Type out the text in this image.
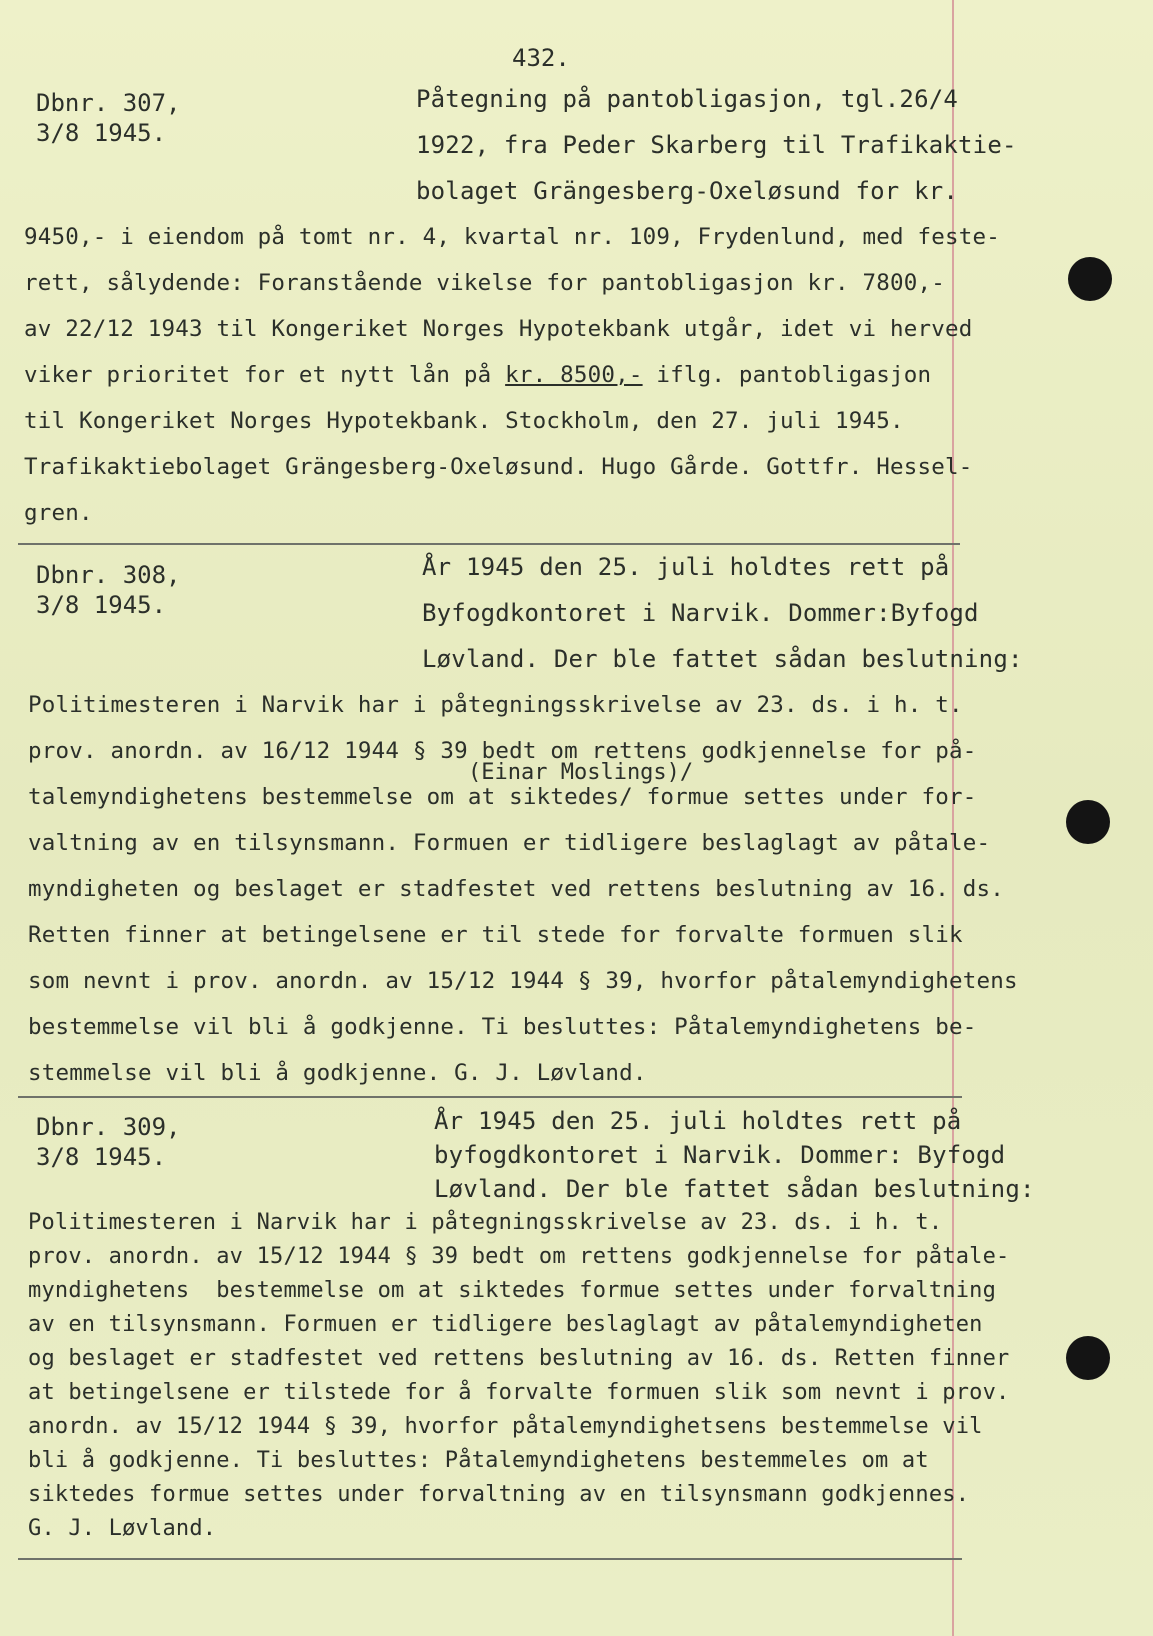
432.
Dbnr. 307,
3/8 1945.
Påtegning på pantobligasjon, tgl.26/4
1922, fra Peder Skarberg til Trafikaktie-
bolaget Grängesberg-Oxeløsund for kr.
9450,- i eiendom på tomt nr. 4, kvartal nr. 109, Frydenlund, med feste-
rett, sålydende: Foranstående vikelse for pantobligasjon kr. 7800,-
av 22/12 1943 til Kongeriket Norges Hypotekbank utgår, idet vi herved
viker prioritet for et nytt lån på kr. 8500,- iflg. pantobligasjon
til Kongeriket Norges Hypotekbank. Stockholm, den 27. juli 1945.
Trafikaktiebolaget Grängesberg-Oxeløsund. Hugo Gårde. Gottfr. Hessel-
gren.
Dbnr. 308,
3/8 1945.
År 1945 den 25. juli holdtes rett på
Byfogdkontoret i Narvik. Dommer:Byfogd
Løvland. Der ble fattet sådan beslutning:
Politimesteren i Narvik har i påtegningsskrivelse av 23. ds. i h. t.
prov. anordn. av 16/12 1944 § 39 bedt om rettens godkjennelse for på-
(Einar Moslings)/
talemyndighetens bestemmelse om at siktedes/ formue settes under for-
valtning av en tilsynsmann. Formuen er tidligere beslaglagt av påtale-
myndigheten og beslaget er stadfestet ved rettens beslutning av 16. ds.
Retten finner at betingelsene er til stede for forvalte formuen slik
som nevnt i prov. anordn. av 15/12 1944 § 39, hvorfor påtalemyndighetens
bestemmelse vil bli å godkjenne. Ti besluttes: Påtalemyndighetens be-
stemmelse vil bli å godkjenne. G. J. Løvland.
Dbnr. 309,
3/8 1945.
År 1945 den 25. juli holdtes rett på
byfogdkontoret i Narvik. Dommer: Byfogd
Løvland. Der ble fattet sådan beslutning:
Politimesteren i Narvik har i påtegningsskrivelse av 23. ds. i h. t.
prov. anordn. av 15/12 1944 § 39 bedt om rettens godkjennelse for påtale-
myndighetens  bestemmelse om at siktedes formue settes under forvaltning
av en tilsynsmann. Formuen er tidligere beslaglagt av påtalemyndigheten
og beslaget er stadfestet ved rettens beslutning av 16. ds. Retten finner
at betingelsene er tilstede for å forvalte formuen slik som nevnt i prov.
anordn. av 15/12 1944 § 39, hvorfor påtalemyndighetsens bestemmelse vil
bli å godkjenne. Ti besluttes: Påtalemyndighetens bestemmeles om at
siktedes formue settes under forvaltning av en tilsynsmann godkjennes.
G. J. Løvland.
